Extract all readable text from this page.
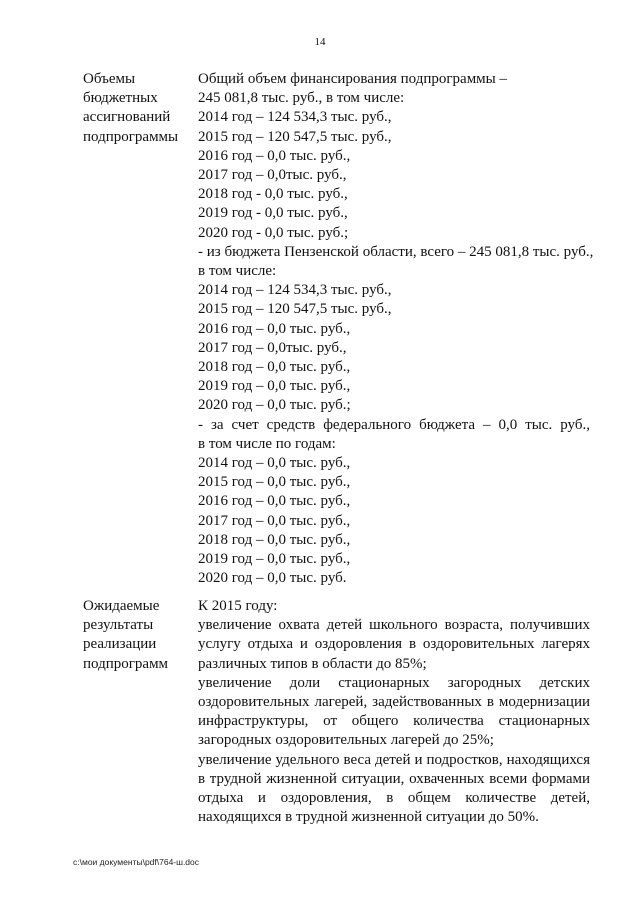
14
Объемы
бюджетных
ассигнований
подпрограммы
Общий объем финансирования подпрограммы –
245 081,8 тыс. руб., в том числе:
2014 год – 124 534,3 тыс. руб.,
2015 год – 120 547,5 тыс. руб.,
2016 год – 0,0 тыс. руб.,
2017 год – 0,0тыс. руб.,
2018 год - 0,0 тыс. руб.,
2019 год - 0,0 тыс. руб.,
2020 год - 0,0 тыс. руб.;
- из бюджета Пензенской области, всего – 245 081,8 тыс. руб.,
в том числе:
2014 год – 124 534,3 тыс. руб.,
2015 год – 120 547,5 тыс. руб.,
2016 год – 0,0 тыс. руб.,
2017 год – 0,0тыс. руб.,
2018 год – 0,0 тыс. руб.,
2019 год – 0,0 тыс. руб.,
2020 год – 0,0 тыс. руб.;
- за счет средств федерального бюджета – 0,0 тыс. руб.,
в том числе по годам:
2014 год – 0,0 тыс. руб.,
2015 год – 0,0 тыс. руб.,
2016 год – 0,0 тыс. руб.,
2017 год – 0,0 тыс. руб.,
2018 год – 0,0 тыс. руб.,
2019 год – 0,0 тыс. руб.,
2020 год – 0,0 тыс. руб.
Ожидаемые
результаты
реализации
подпрограмм
К 2015 году:
увеличение охвата детей школьного возраста, получивших услугу отдыха и оздоровления в оздоровительных лагерях различных типов в области до 85%;
увеличение доли стационарных загородных детских оздоровительных лагерей, задействованных в модернизации инфраструктуры, от общего количества стационарных загородных оздоровительных лагерей до 25%;
увеличение удельного веса детей и подростков, находящихся в трудной жизненной ситуации, охваченных всеми формами отдыха и оздоровления, в общем количестве детей, находящихся в трудной жизненной ситуации до 50%.
c:\мои документы\pdf\764-ш.doc
